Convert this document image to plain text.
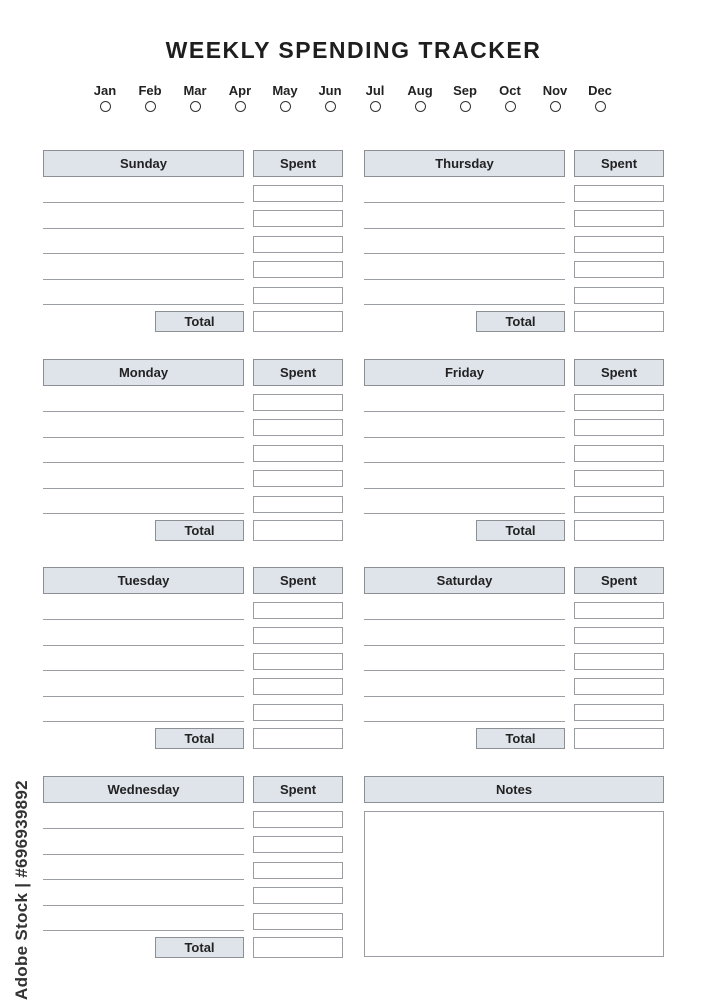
WEEKLY SPENDING TRACKER
Jan	Feb	Mar	Apr	May	Jun	Jul	Aug	Sep	Oct	Nov	Dec
Sunday	Spent
Total
Monday	Spent
Total
Tuesday	Spent
Total
Wednesday	Spent
Total
Thursday	Spent
Total
Friday	Spent
Total
Saturday	Spent
Total
Notes
Adobe Stock | #696939892
